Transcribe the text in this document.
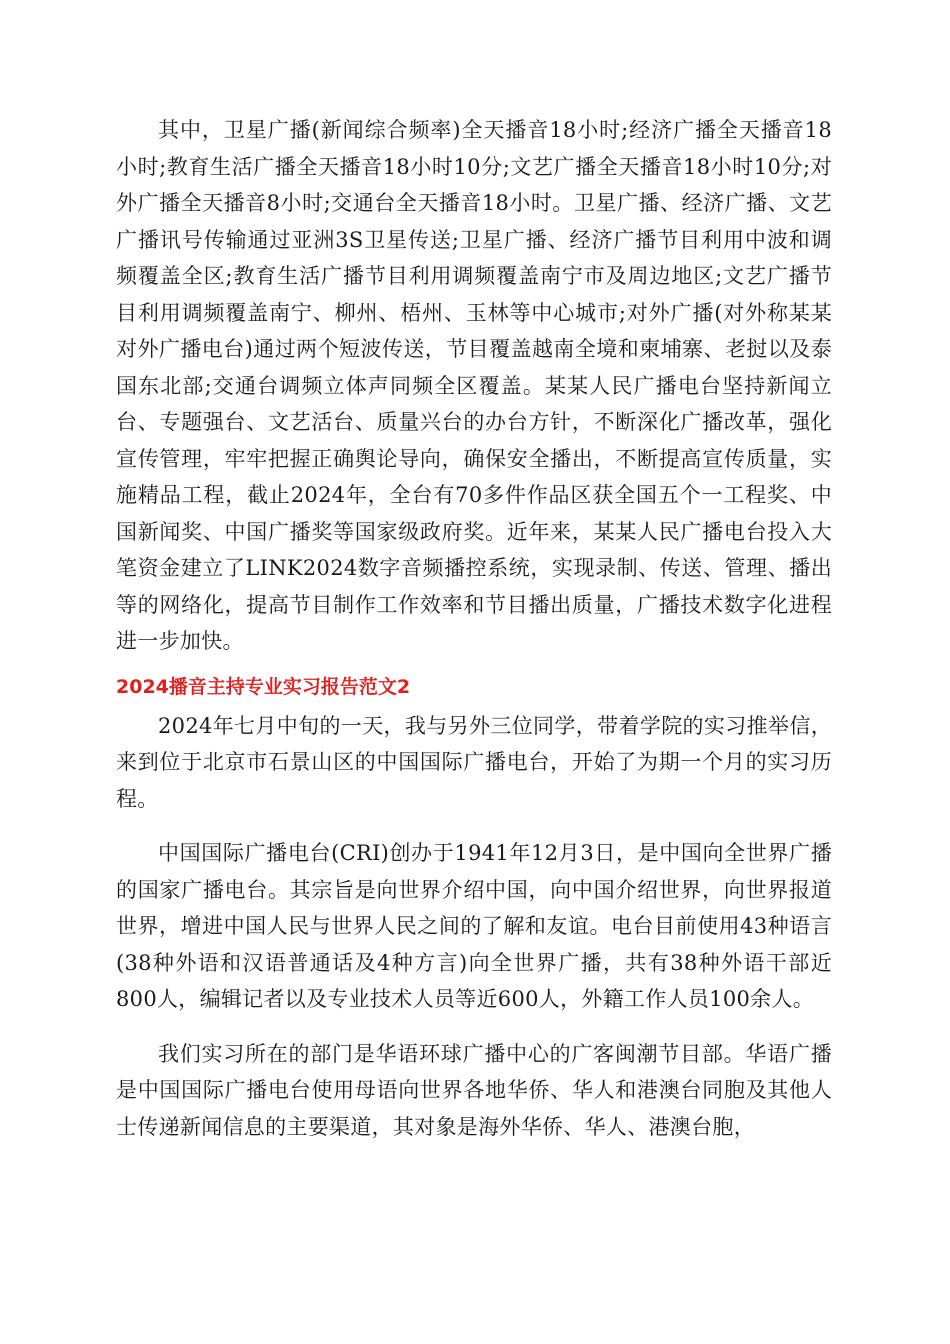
其中，卫星广播(新闻综合频率)全天播音18小时;经济广播全天播音18小时;教育生活广播全天播音18小时10分;文艺广播全天播音18小时10分;对外广播全天播音8小时;交通台全天播音18小时。卫星广播、经济广播、文艺广播讯号传输通过亚洲3S卫星传送;卫星广播、经济广播节目利用中波和调频覆盖全区;教育生活广播节目利用调频覆盖南宁市及周边地区;文艺广播节目利用调频覆盖南宁、柳州、梧州、玉林等中心城市;对外广播(对外称某某对外广播电台)通过两个短波传送，节目覆盖越南全境和柬埔寨、老挝以及泰国东北部;交通台调频立体声同频全区覆盖。某某人民广播电台坚持新闻立台、专题强台、文艺活台、质量兴台的办台方针，不断深化广播改革，强化宣传管理，牢牢把握正确舆论导向，确保安全播出，不断提高宣传质量，实施精品工程，截止2024年，全台有70多件作品区获全国五个一工程奖、中国新闻奖、中国广播奖等国家级政府奖。近年来，某某人民广播电台投入大笔资金建立了LINK2024数字音频播控系统，实现录制、传送、管理、播出等的网络化，提高节目制作工作效率和节目播出质量，广播技术数字化进程进一步加快。

2024播音主持专业实习报告范文2

2024年七月中旬的一天，我与另外三位同学，带着学院的实习推举信，来到位于北京市石景山区的中国国际广播电台，开始了为期一个月的实习历程。

中国国际广播电台(CRI)创办于1941年12月3日，是中国向全世界广播的国家广播电台。其宗旨是向世界介绍中国，向中国介绍世界，向世界报道世界，增进中国人民与世界人民之间的了解和友谊。电台目前使用43种语言(38种外语和汉语普通话及4种方言)向全世界广播，共有38种外语干部近800人，编辑记者以及专业技术人员等近600人，外籍工作人员100余人。

我们实习所在的部门是华语环球广播中心的广客闽潮节目部。华语广播是中国国际广播电台使用母语向世界各地华侨、华人和港澳台同胞及其他人士传递新闻信息的主要渠道，其对象是海外华侨、华人、港澳台胞，
